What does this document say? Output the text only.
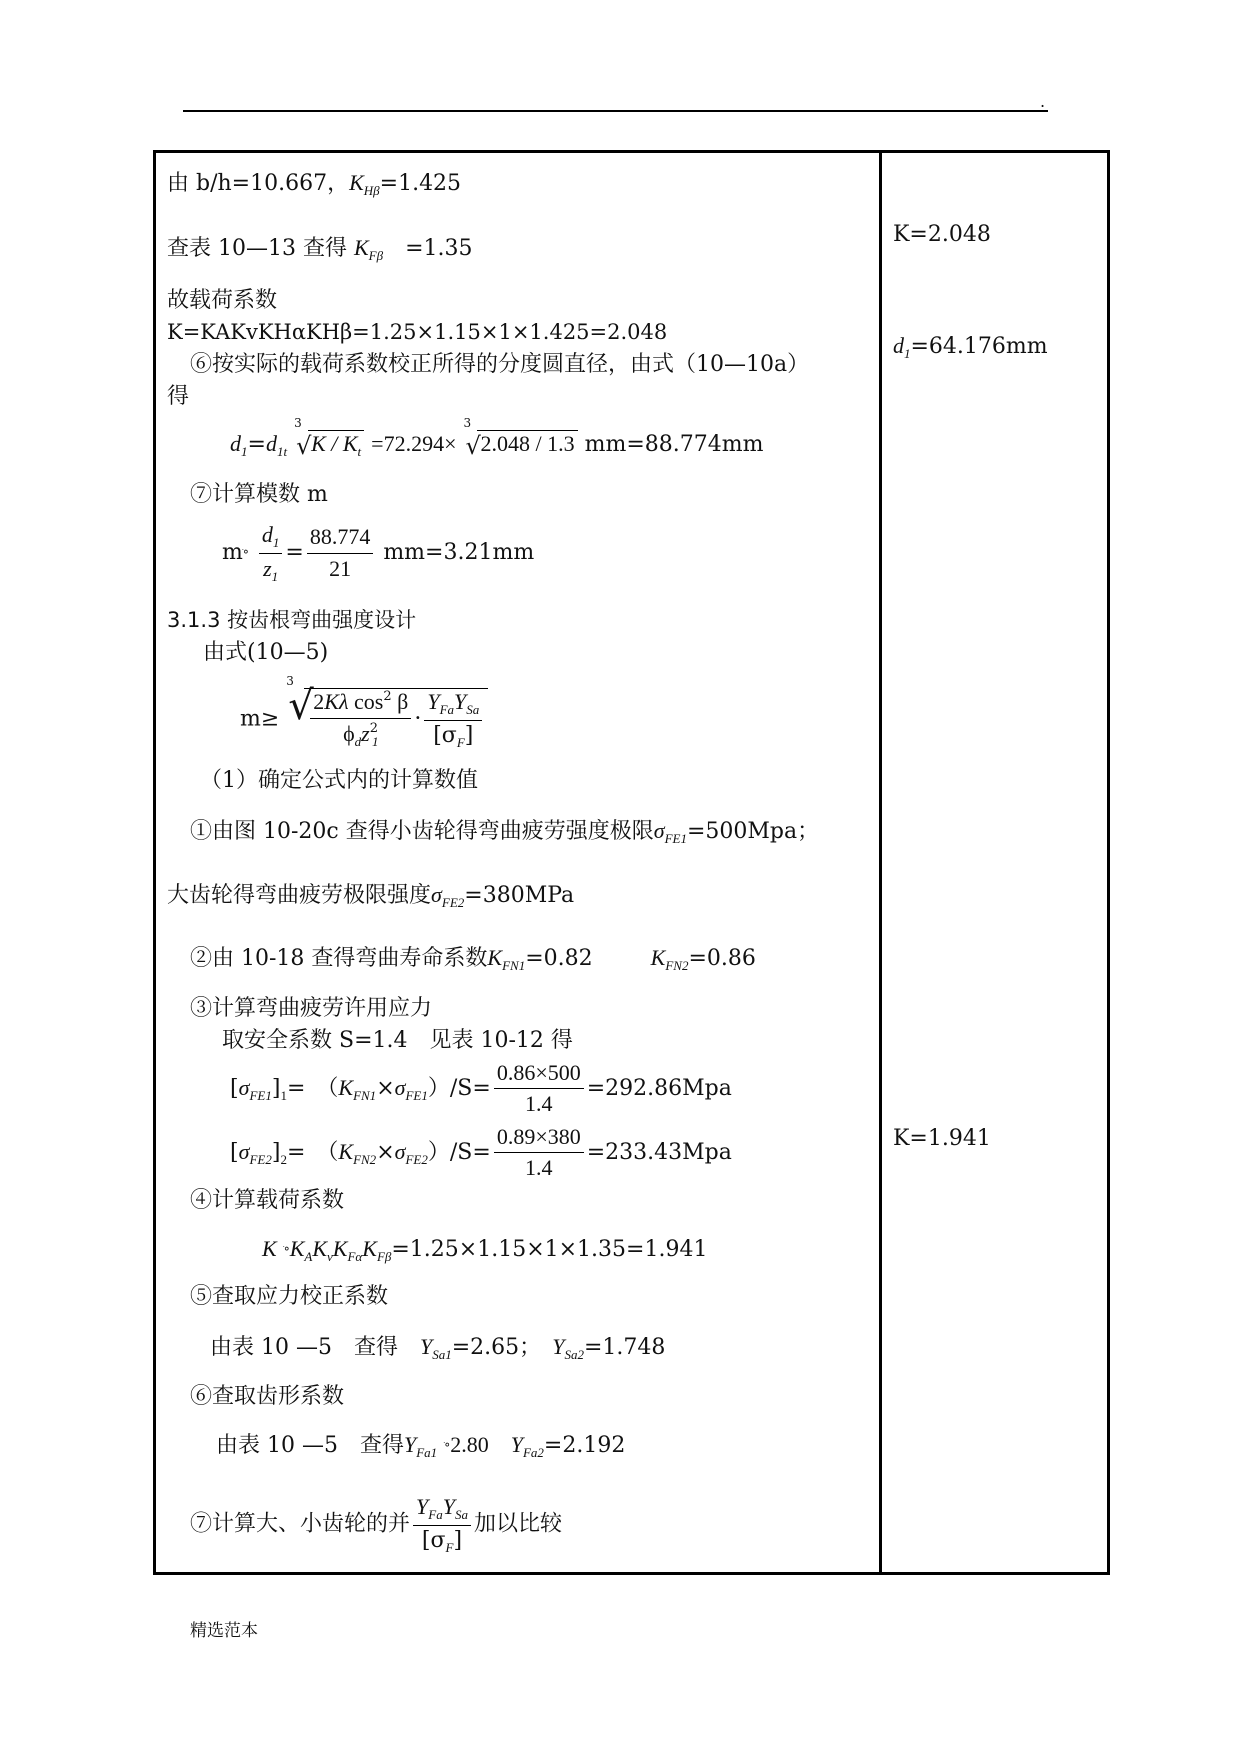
.
由 b/h=10.667，$K_{H\beta}=1.425$
查表 10—13 查得 $K_{F\beta}$　 =1.35
故载荷系数
K=KAKvKHαKHβ=1.25×1.15×1×1.425=2.048
⑥按实际的载荷系数校正所得的分度圆直径，由式（10—10a）
得
$d_1=d_{1t}$
3
√ $K / K_t =72.294\times$
3
√ 2.048 / 1.3 mm=88.774mm
⑦计算模数 m
mׄ° $\frac{d_1}{z_1} = \frac{88.774}{21} mm=3.21mm$
3.1.3 按齿根弯曲强度设计
由式(10—5)
m≥
3
√
$\frac{2K\lambda \cos^2 \beta}{\phi_dz^2_1} \cdot \frac{Y_{Fa}Y_{Sa}}{[\sigma_F]}$
（1）确定公式内的计算数值
①由图 10-20c 查得小齿轮得弯曲疲劳强度极限$\sigma_{FE1}=500Mpa$；
大齿轮得弯曲疲劳极限强度$\sigma_{FE2}=380MPa$
②由 10-18 查得弯曲寿命系数$K_{FN1}=0.82$	$K_{FN2}=0.86$
③计算弯曲疲劳许用应力
取安全系数 S=1.4　见表 10-12 得
$[\sigma_{FE1}]_1=$　$(K_{FN1}\times\sigma_{FE1})/S= \frac{0.86\times 500}{1.4} =292.86Mpa$
$[\sigma_{FE2}]_2=$　$(K_{FN2}\times\sigma_{FE2})/S= \frac{0.89\times 380}{1.4} =233.43Mpa$
④计算载荷系数
K $ׄ^\circ K_AK_vK_{F\alpha}K_{F\beta}=1.25\times 1.15\times 1\times 1.35=1.941$
⑤查取应力校正系数
由表 10 —5　查得　 $Y_{Sa1}=2.65$；　 $Y_{Sa2}=1.748$
⑥查取齿形系数
由表 10 —5　查得$Y_{Fa1}$ ׄ°2.80　 $Y_{Fa2}=2.192$
⑦计算大、小齿轮的并 $\frac{Y_{Fa}Y_{Sa}}{[\sigma_F]}$ 加以比较
K=2.048
$d_1=64.176mm$
K=1.941
精选范本
